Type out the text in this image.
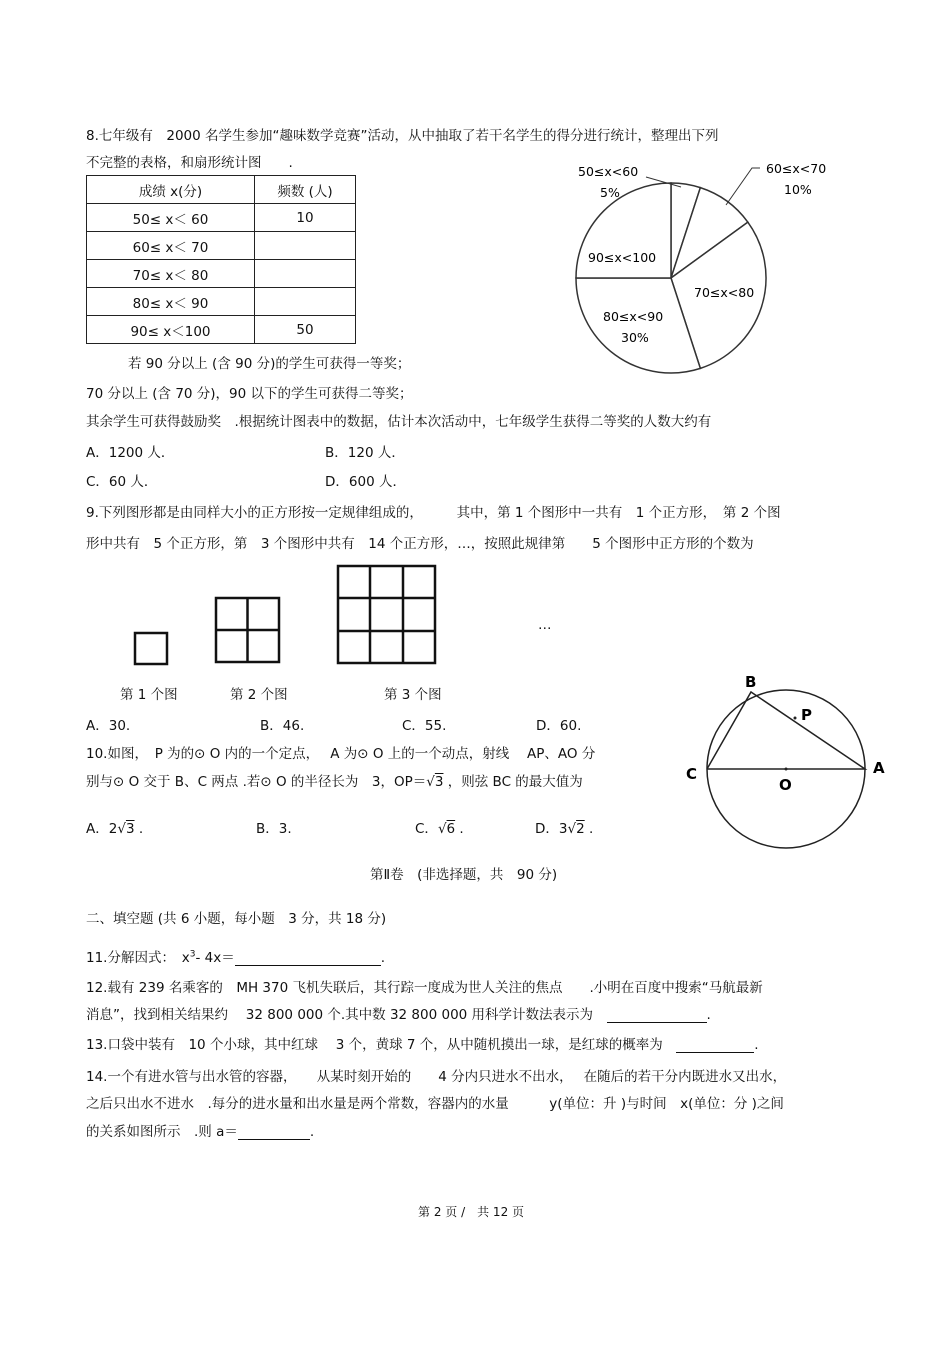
8.七年级有　2000 名学生参加“趣味数学竞赛”活动，从中抽取了若干名学生的得分进行统计，整理出下列
不完整的表格，和扇形统计图　　.
成绩 x(分)	频数 (人)
50≤ x＜ 60	10
60≤ x＜ 70	
70≤ x＜ 80	
80≤ x＜ 90	
90≤ x＜100	50
50≤x<60
5%
60≤x<70
10%
70≤x<80
80≤x<90
30%
90≤x<100
若 90 分以上 (含 90 分)的学生可获得一等奖；
70 分以上 (含 70 分)，90 以下的学生可获得二等奖；
其余学生可获得鼓励奖　.根据统计图表中的数据，估计本次活动中，七年级学生获得二等奖的人数大约有
A．1200 人．	B．120 人．
C．60 人．	D．600 人．
9.下列图形都是由同样大小的正方形按一定规律组成的，　　　其中，第 1 个图形中一共有　1 个正方形，　第 2 个图
形中共有　5 个正方形，第　3 个图形中共有　14 个正方形，…，按照此规律第　　5 个图形中正方形的个数为
…
第 1 个图	第 2 个图	第 3 个图
A．30.	B．46.	C．55.	D．60.
B
P
C
O
A
10.如图，　P 为的⊙ O 内的一个定点，　 A 为⊙ O 上的一个动点，射线　 AP、AO 分
别与⊙ O 交于 B、C 两点 .若⊙ O 的半径长为　3，OP＝√3 ，则弦 BC 的最大值为
A．2√3 .	B．3.	C．√6 .	D．3√2 .
第Ⅱ卷　(非选择题，共　90 分)
二、填空题 (共 6 小题，每小题　3 分，共 18 分)
11.分解因式：　$x^3-$ 4x＝	.
12.载有 239 名乘客的　MH 370 飞机失联后，其行踪一度成为世人关注的焦点　　.小明在百度中搜索“马航最新
消息”，找到相关结果约　 32 800 000 个.其中数 32 800 000 用科学计数法表示为　	.
13.口袋中装有　10 个小球，其中红球　 3 个，黄球 7 个，从中随机摸出一球，是红球的概率为　	.
14.一个有进水管与出水管的容器，　　从某时刻开始的　　4 分内只进水不出水，　 在随后的若干分内既进水又出水，
之后只出水不进水　.每分的进水量和出水量是两个常数，容器内的水量　　　y(单位：升 )与时间　x(单位：分 )之间
的关系如图所示　.则 a＝	.
第 2 页 /　共 12 页
